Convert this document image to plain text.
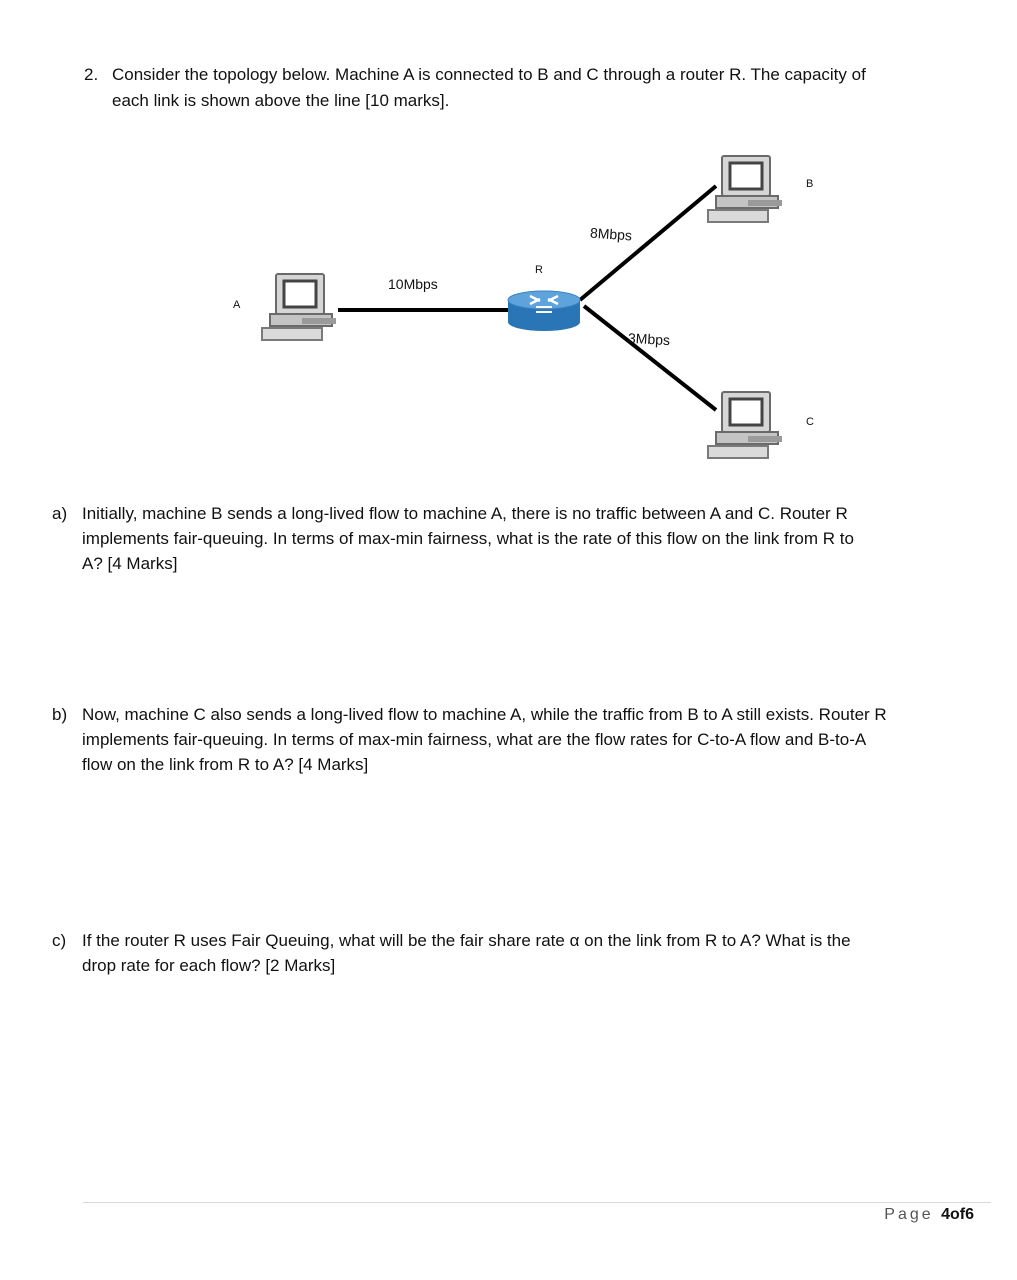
2. Consider the topology below. Machine A is connected to B and C through a router R. The capacity of
each link is shown above the line [10 marks].
A
B
C
R
10Mbps
8Mbps
3Mbps
a) Initially, machine B sends a long-lived flow to machine A, there is no traffic between A and C. Router R
implements fair-queuing. In terms of max-min fairness, what is the rate of this flow on the link from R to
A? [4 Marks]
b) Now, machine C also sends a long-lived flow to machine A, while the traffic from B to A still exists. Router R
implements fair-queuing. In terms of max-min fairness, what are the flow rates for C-to-A flow and B-to-A
flow on the link from R to A? [4 Marks]
c) If the router R uses Fair Queuing, what will be the fair share rate α on the link from R to A? What is the
drop rate for each flow? [2 Marks]
Page 4of6
